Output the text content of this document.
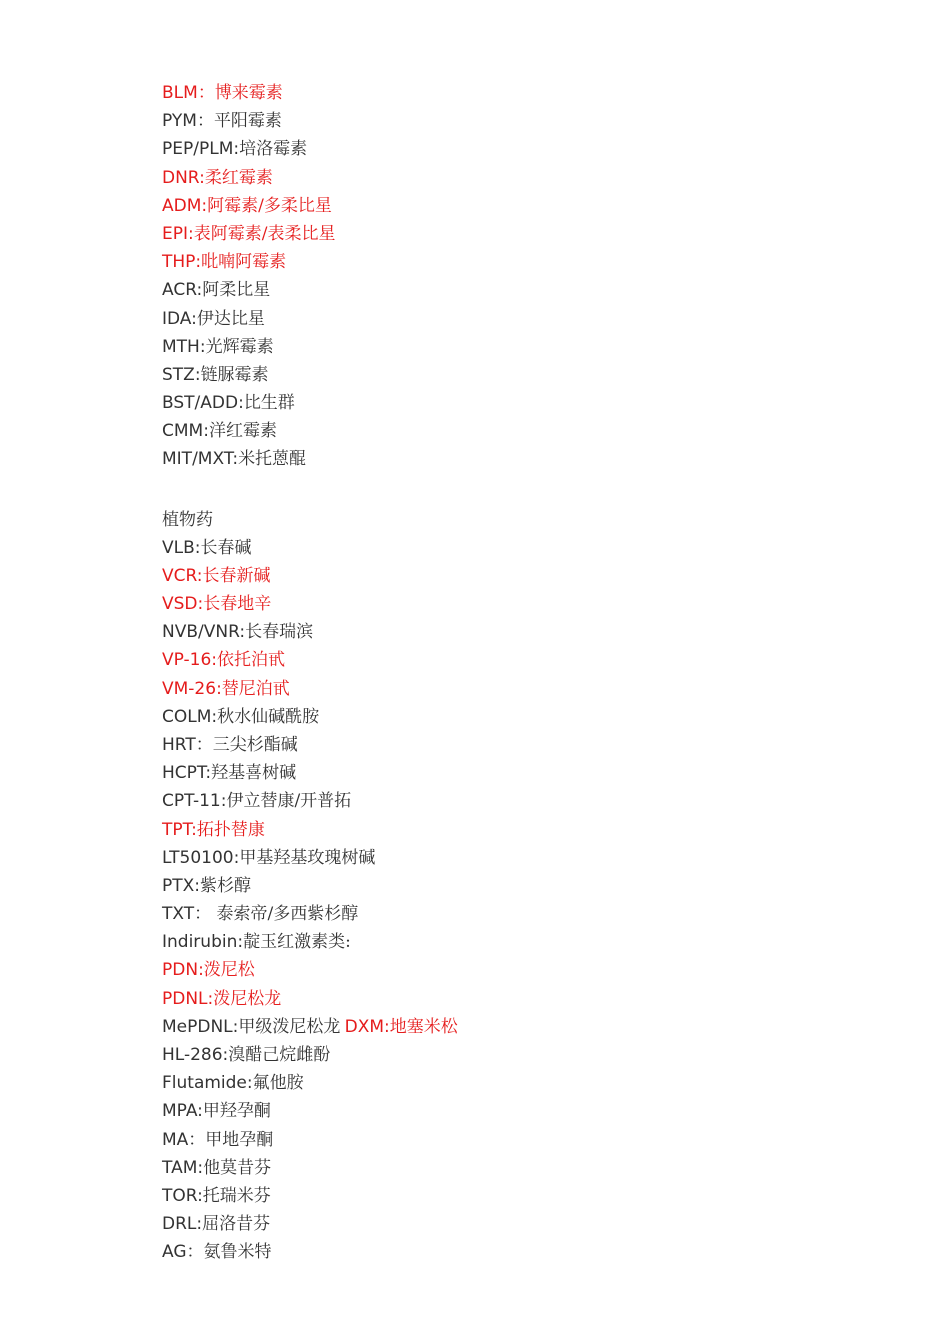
BLM：博来霉素
PYM：平阳霉素
PEP/PLM:培洛霉素
DNR:柔红霉素
ADM:阿霉素/多柔比星
EPI:表阿霉素/表柔比星
THP:吡喃阿霉素
ACR:阿柔比星
IDA:伊达比星
MTH:光辉霉素
STZ:链脲霉素
BST/ADD:比生群
CMM:洋红霉素
MIT/MXT:米托蒽醌
植物药
VLB:长春碱
VCR:长春新碱
VSD:长春地辛
NVB/VNR:长春瑞滨
VP-16:依托泊甙
VM-26:替尼泊甙
COLM:秋水仙碱酰胺
HRT：三尖杉酯碱
HCPT:羟基喜树碱
CPT-11:伊立替康/开普拓
TPT:拓扑替康
LT50100:甲基羟基玫瑰树碱
PTX:紫杉醇
TXT： 泰索帝/多西紫杉醇
Indirubin:靛玉红激素类:
PDN:泼尼松
PDNL:泼尼松龙
MePDNL:甲级泼尼松龙 DXM:地塞米松
HL-286:溴醋己烷雌酚
Flutamide:氟他胺
MPA:甲羟孕酮
MA：甲地孕酮
TAM:他莫昔芬
TOR:托瑞米芬
DRL:屈洛昔芬
AG：氨鲁米特
